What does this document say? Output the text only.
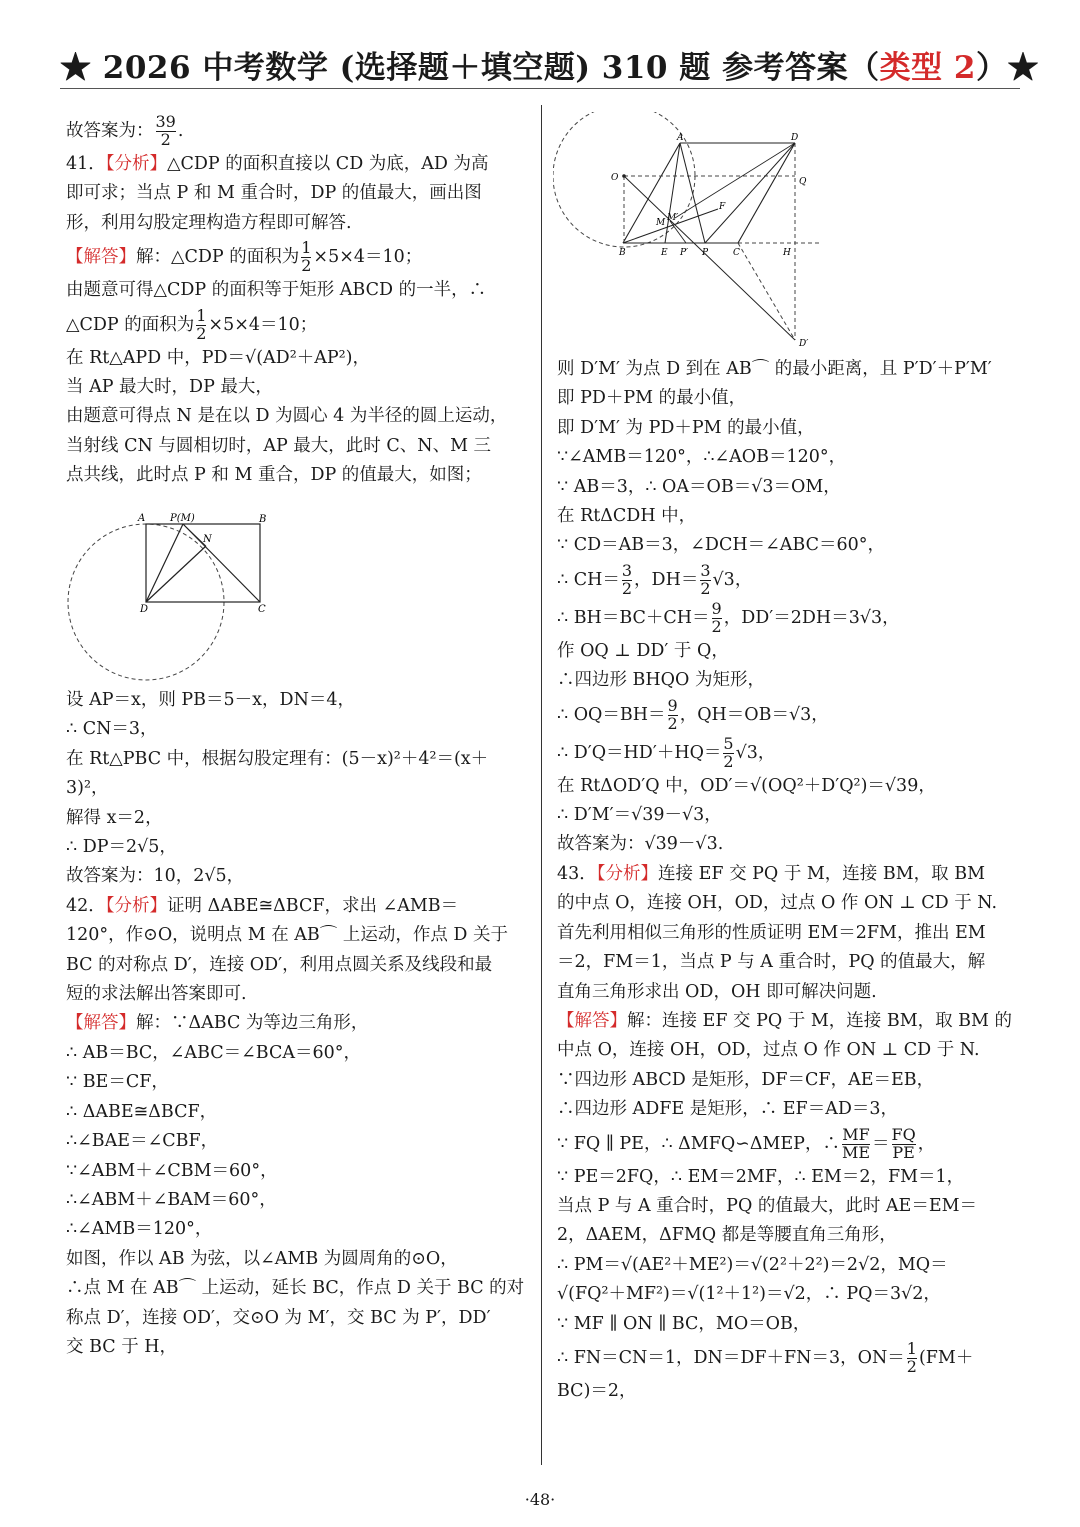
★ 2026 中考数学 (选择题＋填空题) 310 题 参考答案（类型 2）★
故答案为： $\frac{39}{2}$ .
41．【分析】△CDP 的面积直接以 CD 为底，AD 为高
即可求；当点 P 和 M 重合时，DP 的值最大，画出图
形，利用勾股定理构造方程即可解答.
【解答】解：△CDP 的面积为 $\frac{1}{2} \times 5\times 4=10$；
由题意可得△CDP 的面积等于矩形 ABCD 的一半，∴
△CDP 的面积为 $\frac{1}{2} \times 5\times 4=10$；
在 Rt△APD 中，PD＝√(AD²＋AP²)，
当 AP 最大时，DP 最大，
由题意可得点 N 是在以 D 为圆心 4 为半径的圆上运动，
当射线 CN 与圆相切时，AP 最大，此时 C、N、M 三
点共线，此时点 P 和 M 重合，DP 的值最大，如图；
A P(M)	B
N
D	C
设 AP＝x，则 PB＝5－x，DN＝4，
∴ CN＝3，
在 Rt△PBC 中，根据勾股定理有：(5－x)²＋4²＝(x＋
3)²，
解得 x＝2，
∴ DP＝2√5，
故答案为：10，2√5，
42．【分析】证明 ΔABE≅ΔBCF，求出 ∠AMB＝
120°，作⊙O，说明点 M 在 AB⌒ 上运动，作点 D 关于
BC 的对称点 D′，连接 OD′，利用点圆关系及线段和最
短的求法解出答案即可.
【解答】解：∵ΔABC 为等边三角形，
∴ AB＝BC，∠ABC＝∠BCA＝60°，
∵ BE＝CF，
∴ ΔABE≅ΔBCF，
∴∠BAE＝∠CBF，
∵∠ABM＋∠CBM＝60°，
∴∠ABM＋∠BAM＝60°，
∴∠AMB＝120°，
如图，作以 AB 为弦，以∠AMB 为圆周角的⊙O，
∴点 M 在 AB⌒ 上运动，延长 BC，作点 D 关于 BC 的对
称点 D′，连接 OD′，交⊙O 为 M′，交 BC 为 P′，DD′
交 BC 于 H，
A	D
O	Q
M M′
F
B	E P′ P	C	H
D′
则 D′M′ 为点 D 到在 AB⌒ 的最小距离，且 P′D′＋P′M′
即 PD＋PM 的最小值，
即 D′M′ 为 PD＋PM 的最小值，
∵∠AMB＝120°，∴∠AOB＝120°，
∵ AB＝3，∴ OA＝OB＝√3＝OM，
在 RtΔCDH 中，
∵ CD＝AB＝3，∠DCH＝∠ABC＝60°，
∴ $CH= \frac{3}{2}$ ，$DH= \frac{3}{2} √3$，
∴ $BH=BC+CH= \frac{9}{2}$ ，DD′＝2DH＝3√3，
作 OQ ⊥ DD′ 于 Q，
∴四边形 BHQO 为矩形，
∴ $OQ=BH= \frac{9}{2}$ ，QH＝OB＝√3，
∴ $D'Q=HD'+HQ= \frac{5}{2} √3$，
在 RtΔOD′Q 中，OD′＝√(OQ²＋D′Q²)＝√39，
∴ D′M′＝√39－√3，
故答案为：√39－√3.
43．【分析】连接 EF 交 PQ 于 M，连接 BM，取 BM
的中点 O，连接 OH，OD，过点 O 作 ON ⊥ CD 于 N.
首先利用相似三角形的性质证明 EM＝2FM，推出 EM
＝2，FM＝1，当点 P 与 A 重合时，PQ 的值最大，解
直角三角形求出 OD，OH 即可解决问题.
【解答】解：连接 EF 交 PQ 于 M，连接 BM，取 BM 的
中点 O，连接 OH，OD，过点 O 作 ON ⊥ CD 于 N.
∵四边形 ABCD 是矩形，DF＝CF，AE＝EB，
∴四边形 ADFE 是矩形，∴ EF＝AD＝3，
∵ FQ ∥ PE，∴ ΔMFQ∽ΔMEP，∴ $\frac{MF}{ME} = \frac{FQ}{PE}$ ，
∵ PE＝2FQ，∴ EM＝2MF，∴ EM＝2，FM＝1，
当点 P 与 A 重合时，PQ 的值最大，此时 AE＝EM＝
2，ΔAEM，ΔFMQ 都是等腰直角三角形，
∴ PM＝√(AE²＋ME²)＝√(2²＋2²)＝2√2，MQ＝
√(FQ²＋MF²)＝√(1²＋1²)＝√2，∴ PQ＝3√2，
∵ MF ∥ ON ∥ BC，MO＝OB，
∴ FN＝CN＝1，DN＝DF＋FN＝3，$ON= \frac{1}{2} (FM+$
BC)＝2，
·48·
